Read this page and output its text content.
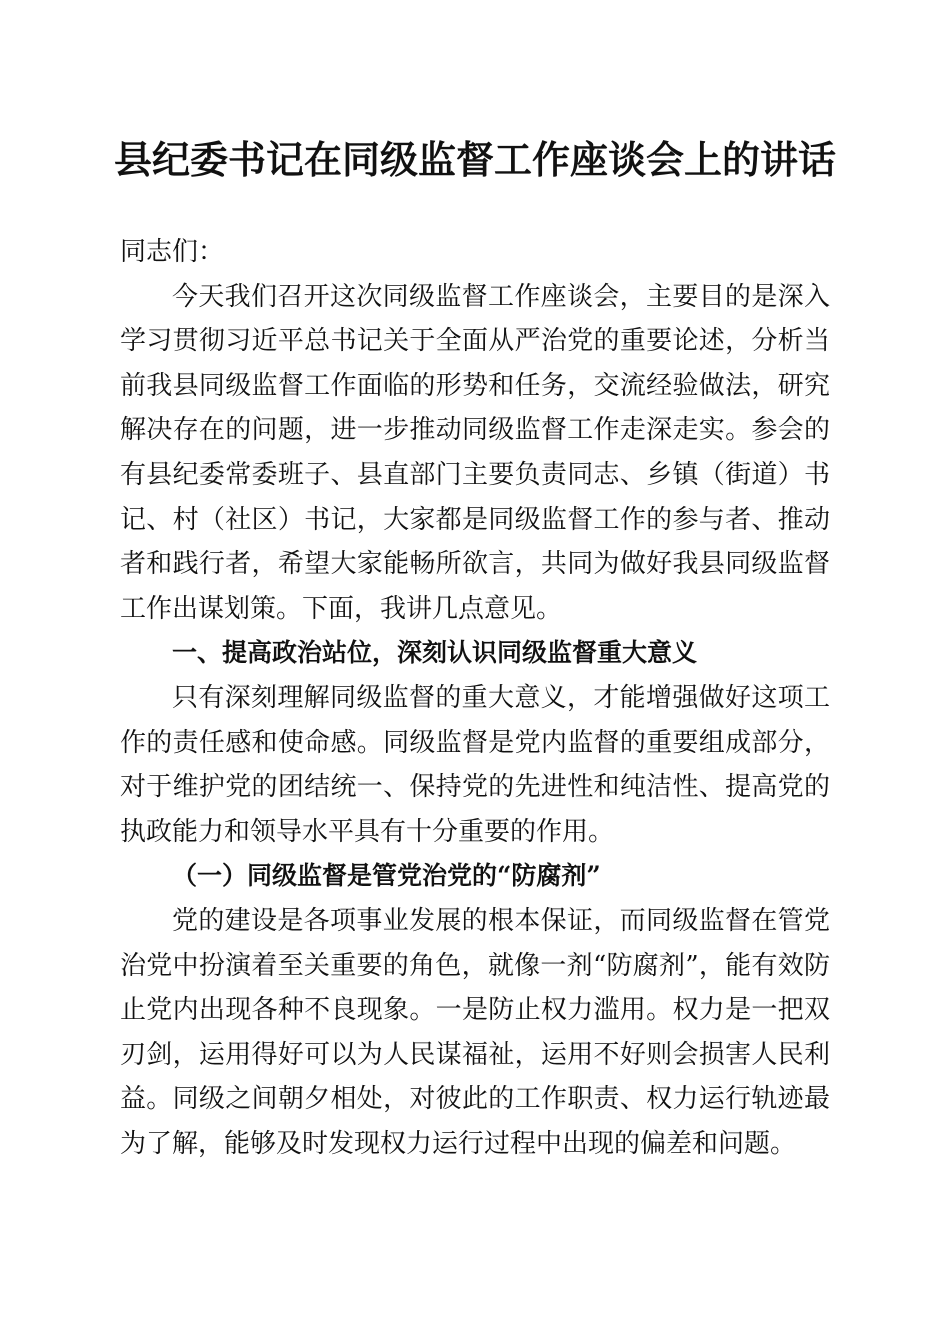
县纪委书记在同级监督工作座谈会上的讲话

同志们：

今天我们召开这次同级监督工作座谈会，主要目的是深入学习贯彻习近平总书记关于全面从严治党的重要论述，分析当前我县同级监督工作面临的形势和任务，交流经验做法，研究解决存在的问题，进一步推动同级监督工作走深走实。参会的有县纪委常委班子、县直部门主要负责同志、乡镇（街道）书记、村（社区）书记，大家都是同级监督工作的参与者、推动者和践行者，希望大家能畅所欲言，共同为做好我县同级监督工作出谋划策。下面，我讲几点意见。

一、提高政治站位，深刻认识同级监督重大意义

只有深刻理解同级监督的重大意义，才能增强做好这项工作的责任感和使命感。同级监督是党内监督的重要组成部分，对于维护党的团结统一、保持党的先进性和纯洁性、提高党的执政能力和领导水平具有十分重要的作用。

（一）同级监督是管党治党的“防腐剂”

党的建设是各项事业发展的根本保证，而同级监督在管党治党中扮演着至关重要的角色，就像一剂“防腐剂”，能有效防止党内出现各种不良现象。一是防止权力滥用。权力是一把双刃剑，运用得好可以为人民谋福祉，运用不好则会损害人民利益。同级之间朝夕相处，对彼此的工作职责、权力运行轨迹最为了解，能够及时发现权力运行过程中出现的偏差和问题。
